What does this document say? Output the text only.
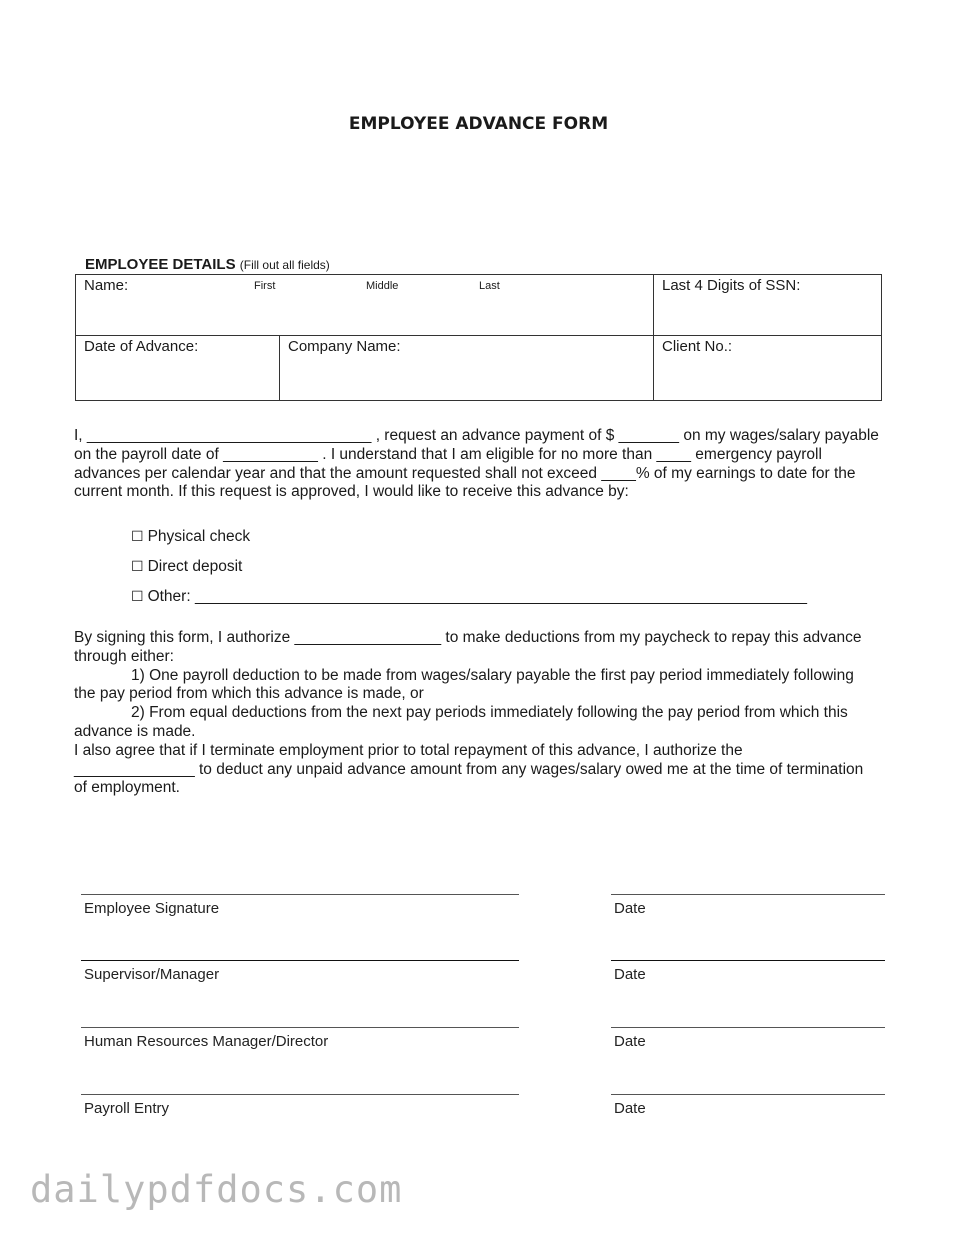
EMPLOYEE ADVANCE FORM
EMPLOYEE DETAILS (Fill out all fields)
Name:		Last 4 Digits of SSN:
Date of Advance:	Company Name:	Client No.:
First	Middle	Last
I, _________________________________ , request an advance payment of $ _______ on my wages/salary payable
on the payroll date of ___________ . I understand that I am eligible for no more than ____ emergency payroll
advances per calendar year and that the amount requested shall not exceed ____% of my earnings to date for the
current month. If this request is approved, I would like to receive this advance by:
☐ Physical check
☐ Direct deposit
☐ Other: _______________________________________________________________________
By signing this form, I authorize _________________ to make deductions from my paycheck to repay this advance
through either:
1) One payroll deduction to be made from wages/salary payable the first pay period immediately following
the pay period from which this advance is made, or
2) From equal deductions from the next pay periods immediately following the pay period from which this
advance is made.
I also agree that if I terminate employment prior to total repayment of this advance, I authorize the
______________ to deduct any unpaid advance amount from any wages/salary owed me at the time of termination
of employment.
Employee Signature	Date
Supervisor/Manager	Date
Human Resources Manager/Director	Date
Payroll Entry	Date
dailypdfdocs.com
